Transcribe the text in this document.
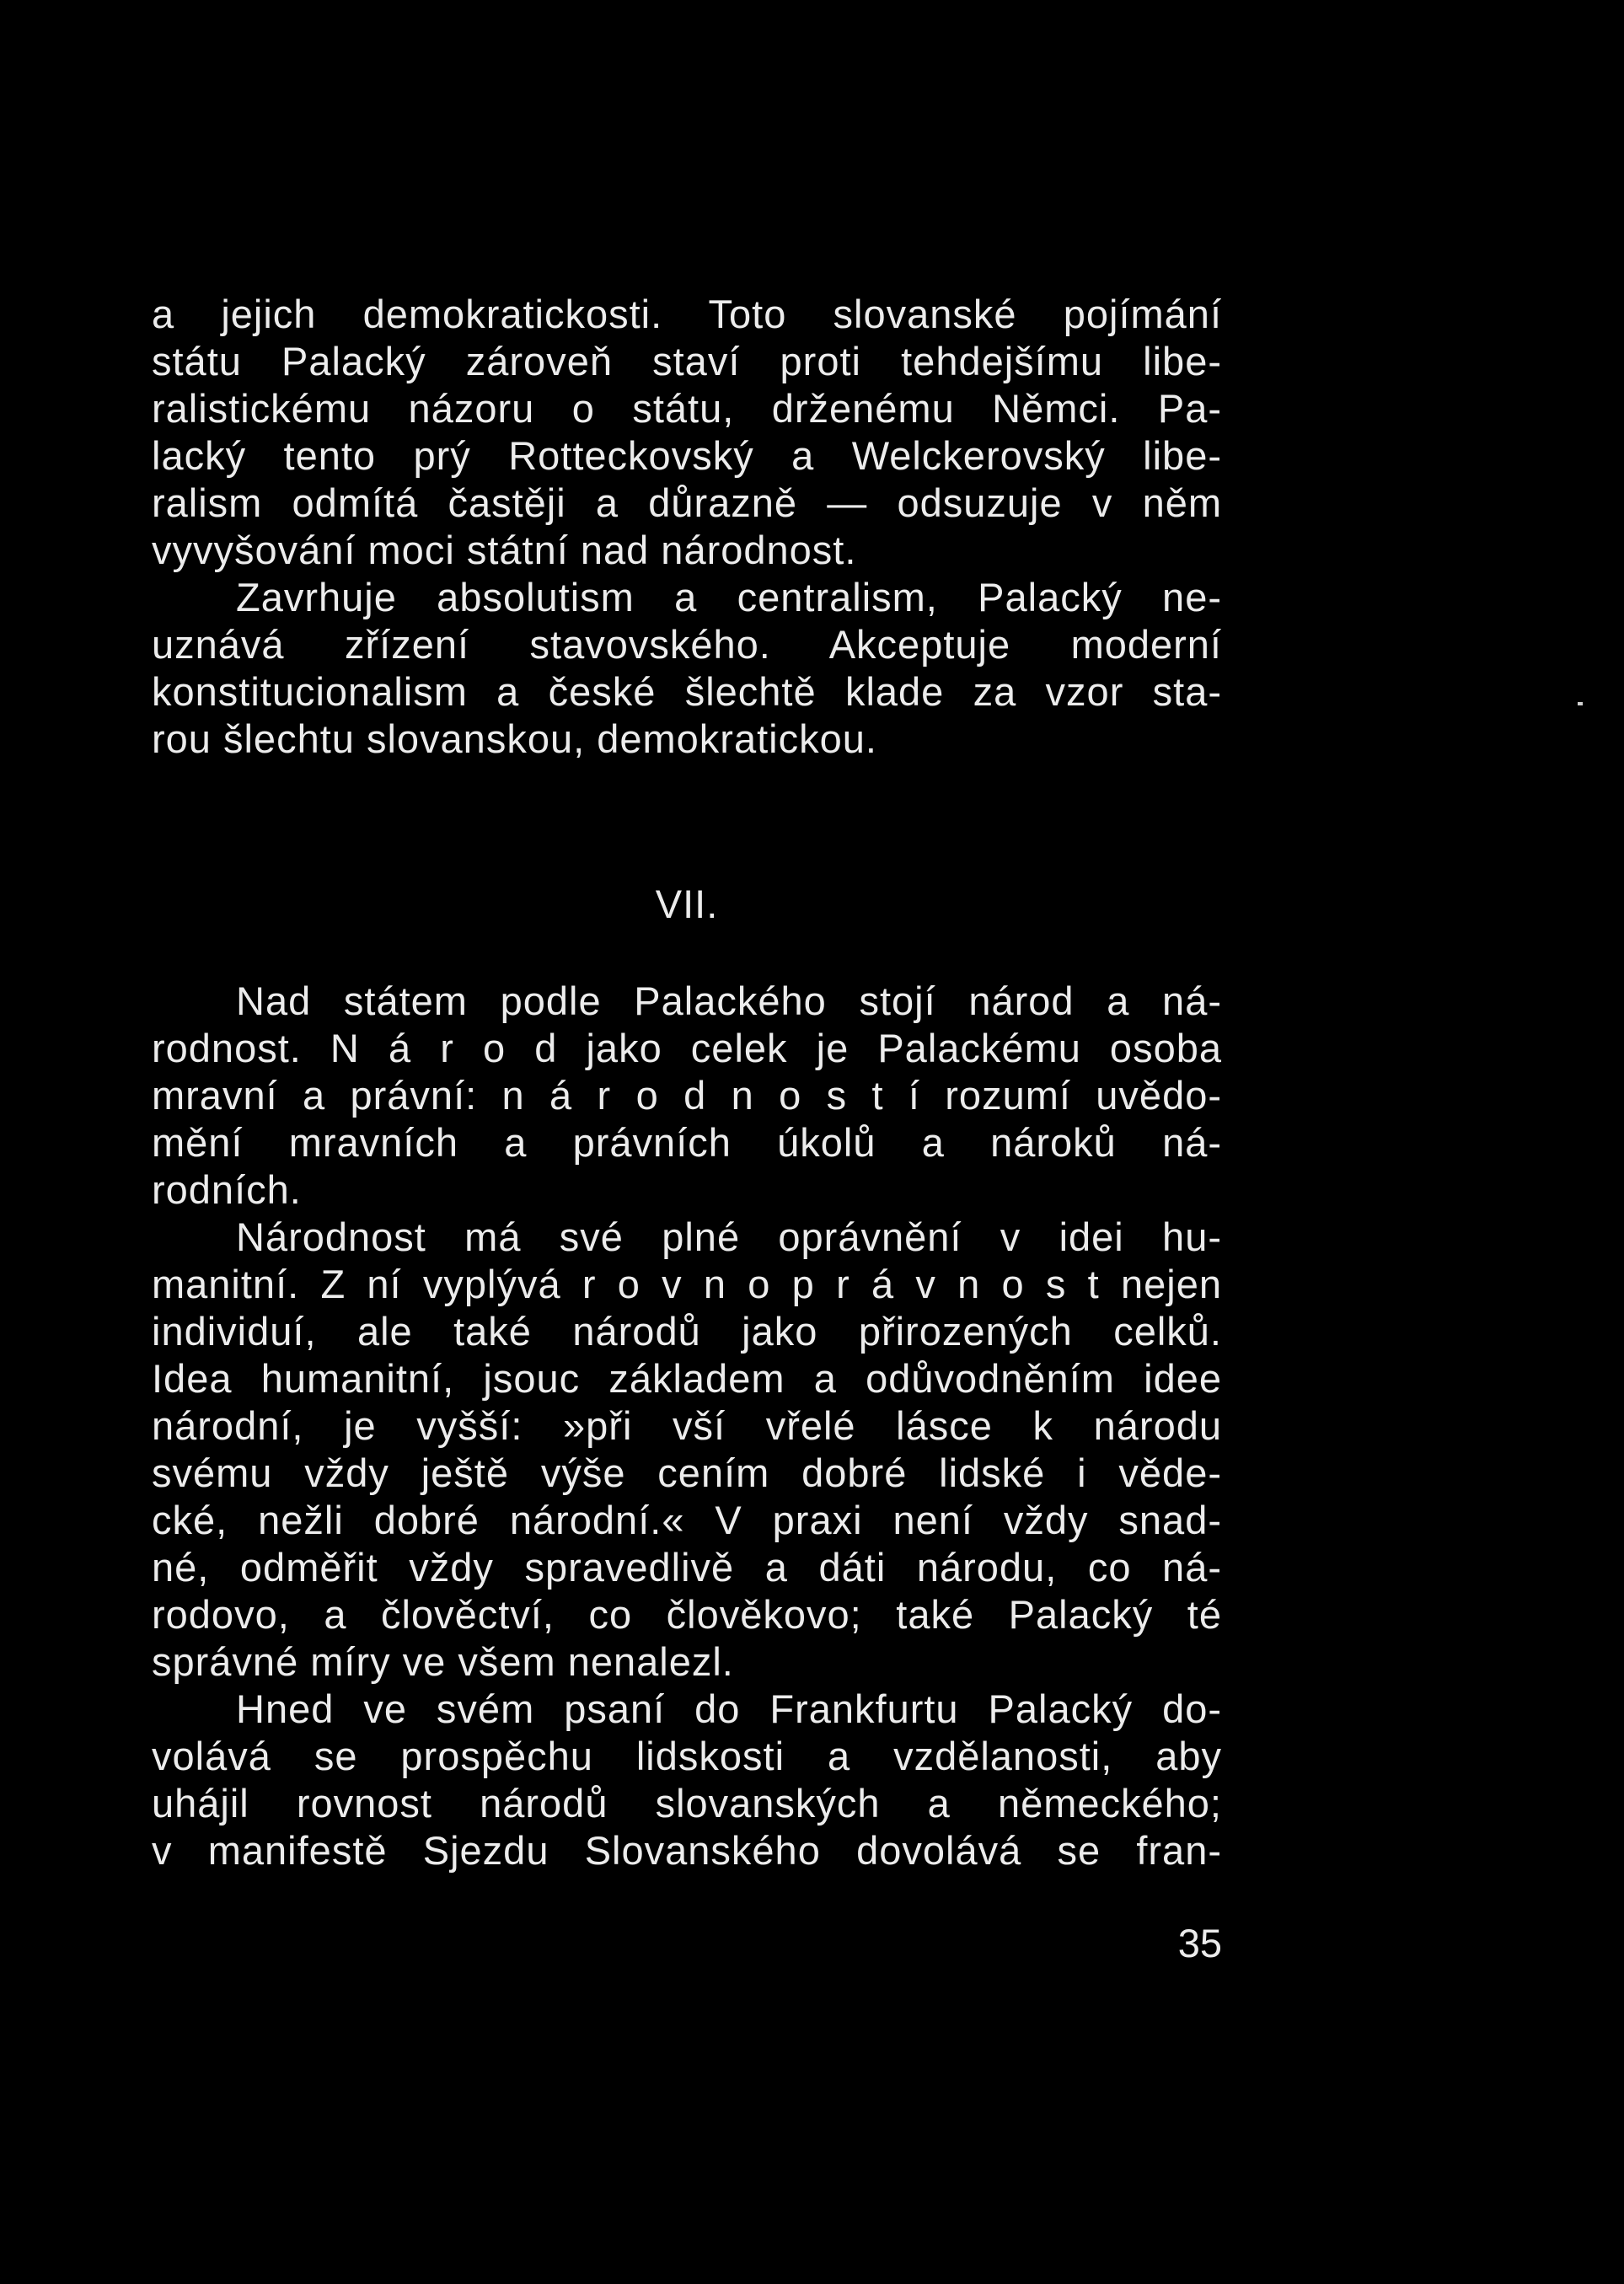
a jejich demokratickosti. Toto slovanské pojímání
státu Palacký zároveň staví proti tehdejšímu libe-
ralistickému názoru o státu, drženému Němci. Pa-
lacký tento prý Rotteckovský a Welckerovský libe-
ralism odmítá častěji a důrazně — odsuzuje v něm
vyvyšování moci státní nad národnost.
Zavrhuje absolutism a centralism, Palacký ne-
uznává zřízení stavovského. Akceptuje moderní
konstitucionalism a české šlechtě klade za vzor sta-
rou šlechtu slovanskou, demokratickou.
VII.
Nad státem podle Palackého stojí národ a ná-
rodnost. N á r o d jako celek je Palackému osoba
mravní a právní: n á r o d n o s t í rozumí uvědo-
mění mravních a právních úkolů a nároků ná-
rodních.
Národnost má své plné oprávnění v idei hu-
manitní. Z ní vyplývá r o v n o p r á v n o s t nejen
individuí, ale také národů jako přirozených celků.
Idea humanitní, jsouc základem a odůvodněním idee
národní, je vyšší: »při vší vřelé lásce k národu
svému vždy ještě výše cením dobré lidské i věde-
cké, nežli dobré národní.« V praxi není vždy snad-
né, odměřit vždy spravedlivě a dáti národu, co ná-
rodovo, a člověctví, co člověkovo; také Palacký té
správné míry ve všem nenalezl.
Hned ve svém psaní do Frankfurtu Palacký do-
volává se prospěchu lidskosti a vzdělanosti, aby
uhájil rovnost národů slovanských a německého;
v manifestě Sjezdu Slovanského dovolává se fran-
35
